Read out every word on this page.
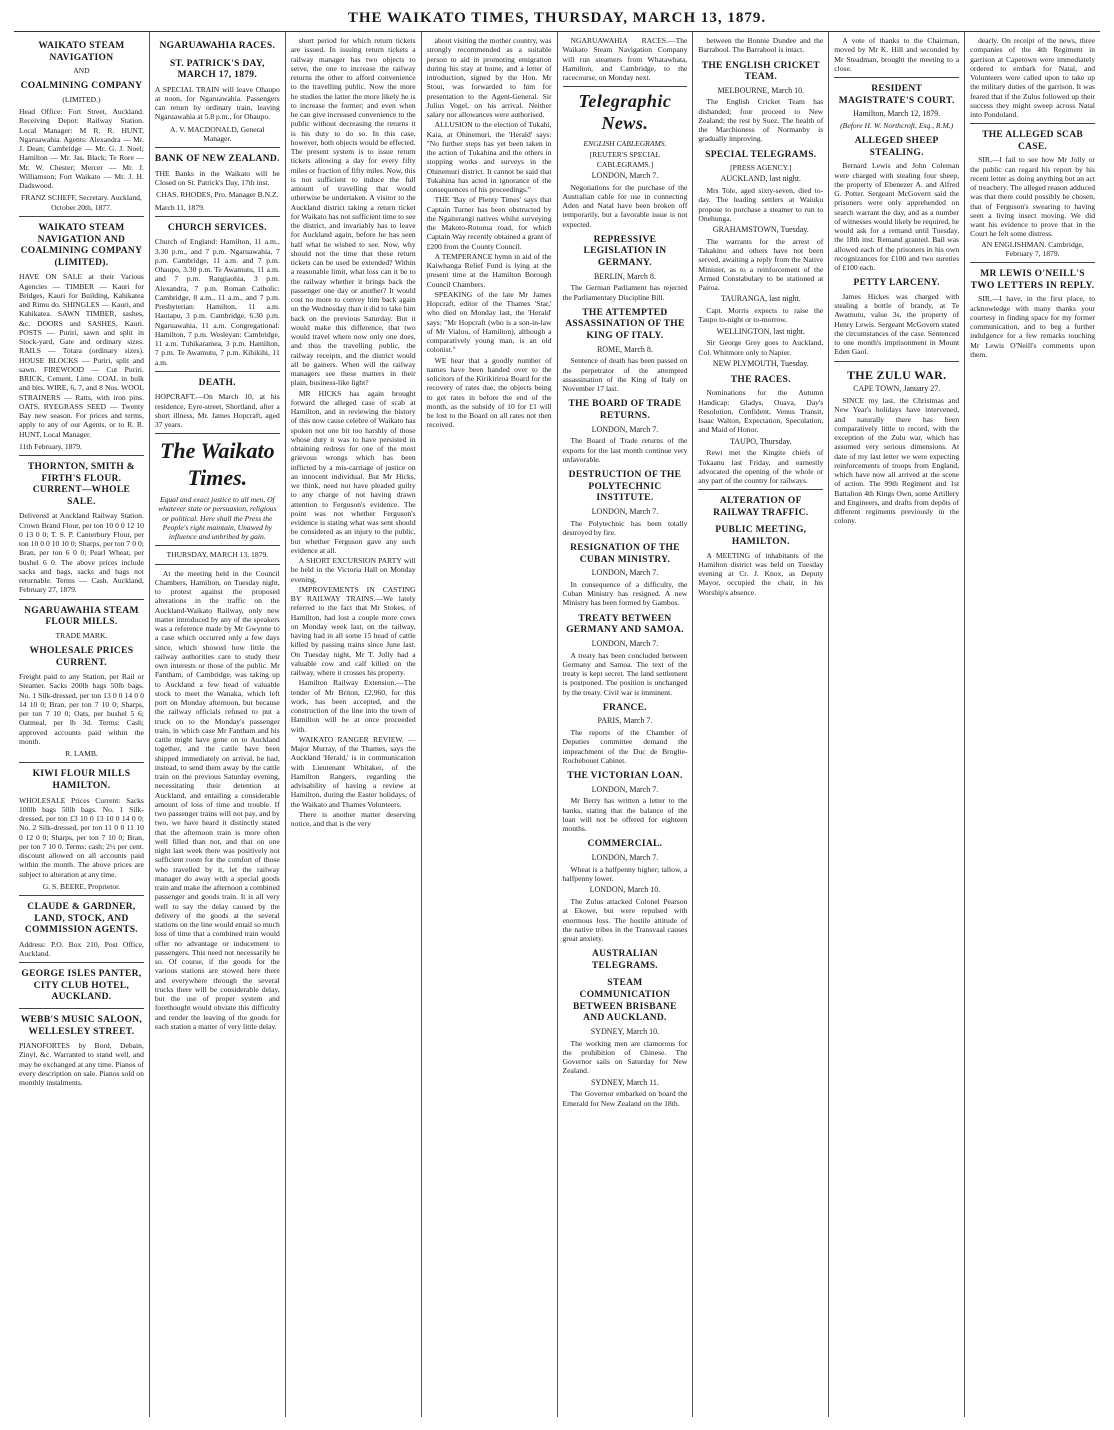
THE WAIKATO TIMES, THURSDAY, MARCH 13, 1879.
WAIKATO STEAM NAVIGATION
AND
COALMINING COMPANY
(LIMITED.)
Head Office: Fort Street, Auckland. Receiving Depot: Railway Station. Local Manager: M R. R. HUNT, Ngaruawahia. Agents: Alexandra — Mr. J. Dean; Cambridge — Mr. G. J. Noel; Hamilton — Mr. Jas. Black; Te Rore — Mr. W. Chester; Mercer — Mr. J. Williamson; Fort Waikato — Mr. J. H. Dadswood.
FRANZ SCHEFF, Secretary. Auckland, October 20th, 1877.
WAIKATO STEAM NAVIGATION AND COALMINING COMPANY (LIMITED).
HAVE ON SALE at their Various Agencies — TIMBER — Kauri for Bridges, Kauri for Building, Kahikatea and Rimu do. SHINGLES — Kauri, and Kahikatea. SAWN TIMBER, sashes, &c. DOORS and SASHES, Kauri. POSTS — Puriri, sawn and split in Stock-yard, Gate and ordinary sizes. RAILS — Totara (ordinary sizes). HOUSE BLOCKS — Puriri, split and sawn. FIREWOOD — Cut Puriri. BRICK, Cement, Lime. COAL in bulk and bits. WIRE, 6, 7, and 8 Nos. WOOL STRAINERS — Ratts, with iron pins. OATS. RYEGRASS SEED — Twenty Bay new season. For prices and terms, apply to any of our Agents, or to R. R. HUNT, Local Manager.
11th February, 1879.
THORNTON, SMITH & FIRTH'S FLOUR. CURRENT—WHOLE SALE.
Delivered at Auckland Railway Station. Crown Brand Flour, per ton 10 0 0 12 10 0 13 0 0; T. S. P. Canterbury Flour, per ton 10 0 0 10 10 0; Sharps, per ton 7 0 0; Bran, per ton 6 0 0; Pearl Wheat, per bushel 6 0. The above prices include sacks and bags, sacks and bags not returnable. Terms — Cash. Auckland, February 27, 1879.
NGARUAWAHIA STEAM FLOUR MILLS.
TRADE MARK.
WHOLESALE PRICES CURRENT.
Freight paid to any Station, per Rail or Steamer. Sacks 200lb bags 50lb bags. No. 1 Silk-dressed, per ton 13 0 0 14 0 0 14 10 0; Bran, per ton 7 10 0; Sharps, per ton 7 10 0; Oats, per bushel 5 6; Oatmeal, per lb 3d. Terms: Cash; approved accounts paid within the month.
R. LAMB.
KIWI FLOUR MILLS HAMILTON.
WHOLESALE Prices Current: Sacks 100lb bags 50lb bags. No. 1 Silk-dressed, per ton £3 10 0 13 10 0 14 0 0; No. 2 Silk-dressed, per ton 11 0 0 11 10 0 12 0 0; Sharps, per ton 7 10 0; Bran, per ton 7 10 0. Terms: cash; 2½ per cent. discount allowed on all accounts paid within the month. The above prices are subject to alteration at any time.
G. S. BEERE, Proprietor.
CLAUDE & GARDNER, LAND, STOCK, AND COMMISSION AGENTS.
Address: P.O. Box 210, Post Office, Auckland.
GEORGE ISLES PANTER, CITY CLUB HOTEL, AUCKLAND.
WEBB'S MUSIC SALOON, WELLESLEY STREET.
PIANOFORTES by Bord, Debain, Zinyl, &c. Warranted to stand well, and may be exchanged at any time. Pianos of every description on sale. Pianos sold on monthly instalments.
NGARUAWAHIA RACES.
ST. PATRICK'S DAY, MARCH 17, 1879.
A SPECIAL TRAIN will leave Ohaupo at noon, for Ngaruawahia. Passengers can return by ordinary train, leaving Ngaruawahia at 5.8 p.m., for Ohaupo.
A. V. MACDONALD, General Manager.
BANK OF NEW ZEALAND.
THE Banks in the Waikato will be Closed on St. Patrick's Day, 17th inst.
CHAS. RHODES, Pro. Manager B.N.Z.
March 11, 1879.
CHURCH SERVICES.
Church of England: Hamilton, 11 a.m., 3.30 p.m., and 7 p.m. Ngaruawahia, 7 p.m. Cambridge, 11 a.m. and 7 p.m. Ohaupo, 3.30 p.m. Te Awamutu, 11 a.m. and 7 p.m. Rangiaohia, 3 p.m. Alexandra, 7 p.m. Roman Catholic: Cambridge, 8 a.m., 11 a.m., and 7 p.m. Presbyterian: Hamilton, 11 a.m. Hautapu, 3 p.m. Cambridge, 6.30 p.m. Ngaruawahia, 11 a.m. Congregational: Hamilton, 7 p.m. Wesleyan: Cambridge, 11 a.m. Tuhikaramea, 3 p.m. Hamilton, 7 p.m. Te Awamutu, 7 p.m. Kihikihi, 11 a.m.
DEATH.
HOPCRAFT.—On March 10, at his residence, Eyre-street, Shortland, after a short illness, Mr. James Hopcraft, aged 37 years.
The Waikato Times.
Equal and exact justice to all men, Of whatever state or persuasion, religious or political. Here shall the Press the People's right maintain, Unawed by influence and unbribed by gain.
THURSDAY, MARCH 13, 1879.

At the meeting held in the Council Chambers, Hamilton, on Tuesday night, to protest against the proposed alterations in the traffic on the Auckland-Waikato Railway, only new matter introduced by any of the speakers was a reference made by Mr Gwynne to a case which occurred only a few days since, which showed how little the railway authorities care to study their own interests or those of the public. Mr Fantham, of Cambridge, was taking up to Auckland a few head of valuable stock to meet the Wanaka, which left port on Monday afternoon, but because the railway officials refused to put a truck on to the Monday's passenger train, in which case Mr Fantham and his cattle might have gone on to Auckland together, and the cattle have been shipped immediately on arrival, he had, instead, to send them away by the cattle train on the previous Saturday evening, necessitating their detention at Auckland, and entailing a considerable amount of loss of time and trouble. If two passenger trains will not pay, and by two, we have heard it distinctly stated that the afternoon train is more often well filled than not, and that on one night last week there was positively not sufficient room for the comfort of those who travelled by it, let the railway manager do away with a special goods train and make the afternoon a combined passenger and goods train. It is all very well to say the delay caused by the delivery of the goods at the several stations on the line would entail so much loss of time that a combined train would offer no advantage or inducement to passengers. This need not necessarily be so. Of course, if the goods for the various stations are stowed here there and everywhere through the several trucks there will be considerable delay, but the use of proper system and forethought would obviate this difficulty and render the leaving of the goods for each station a matter of very little delay.

short period for which return tickets are issued. In issuing return tickets a railway manager has two objects to serve, the one to increase the railway returns the other to afford convenience to the travelling public. Now the more he studies the latter the more likely he is to increase the former; and even when he can give increased convenience to the public without decreasing the returns it is his duty to do so. In this case, however, both objects would be effected. The present system is to issue return tickets allowing a day for every fifty miles or fraction of fifty miles. Now, this is not sufficient to induce the full amount of travelling that would otherwise be undertaken. A visitor to the Auckland district taking a return ticket for Waikato has not sufficient time to see the district, and invariably has to leave for Auckland again, before he has seen half what he wished to see. Now, why should not the time that these return tickets can be used be extended? Within a reasonable limit, what loss can it be to the railway whether it brings back the passenger one day or another? It would cost no more to convey him back again on the Wednesday than it did to take him back on the previous Saturday. But it would make this difference, that two would travel where now only one does, and thus the travelling public, the railway receipts, and the district would all be gainers. When will the railway managers see these matters in their plain, business-like light?

MR HICKS has again brought forward the alleged case of scab at Hamilton, and in reviewing the history of this now cause celebre of Waikato has spoken not one bit too harshly of those whose duty it was to have persisted in obtaining redress for one of the most grievous wrongs which has been inflicted by a mis-carriage of justice on an innocent individual. But Mr Hicks, we think, need not have pleaded guilty to any charge of not having drawn attention to Ferguson's evidence. The point was not whether Ferguson's evidence is stating what was sent should be considered as an injury to the public, but whether Ferguson gave any such evidence at all.

A SHORT EXCURSION PARTY will be held in the Victoria Hall on Monday evening.

IMPROVEMENTS IN CASTING BY RAILWAY TRAINS.—We lately referred to the fact that Mr Stokes, of Hamilton, had lost a couple more cows on Monday week last, on the railway, having had in all some 15 head of cattle killed by passing trains since June last. On Tuesday night, Mr T. Jolly had a valuable cow and calf killed on the railway, where it crosses his property.

Hamilton Railway Extension.—The tender of Mr Briton, £2,960, for this work, has been accepted, and the construction of the line into the town of Hamilton will be at once proceeded with.

WAIKATO RANGER REVIEW. — Major Murray, of the Thames, says the Auckland 'Herald,' is in communication with Lieutenant Whitaker, of the Hamilton Rangers, regarding the advisability of having a review at Hamilton, during the Easter holidays, of the Waikato and Thames Volunteers.

There is another matter deserving notice, and that is the very

about visiting the mother country, was strongly recommended as a suitable person to aid in promoting emigration during his stay at home, and a letter of introduction, signed by the Hon. Mr Stout, was forwarded to him for presentation to the Agent-General. Sir Julius Vogel, on his arrival. Neither salary nor allowances were authorised.

ALLUSION to the election of Tukahi, Kaia, at Ohinemuri, the 'Herald' says: "No further steps has yet been taken in the action of Tukahina and the others in stopping works and surveys in the Ohinemuri district. It cannot be said that Tukahina has acted in ignorance of the consequences of his proceedings."

THE 'Bay of Plenty Times' says that Captain Turner has been obstructed by the Ngaiterangi natives whilst surveying the Makoto-Rotorua road, for which Captain Way recently obtained a grant of £200 from the County Council.

A TEMPERANCE hymn in aid of the Kaiwhanga Relief Fund is lying at the present time at the Hamilton Borough Council Chambers.

SPEAKING of the late Mr James Hopcraft, editor of the Thames 'Star,' who died on Monday last, the 'Herald' says: "Mr Hopcraft (who is a son-in-law of Mr Vialou, of Hamilton), although a comparatively young man, is an old colonist."

WE hear that a goodly number of names have been handed over to the solicitors of the Kirikiriroa Board for the recovery of rates due, the objects being to get rates in before the end of the month, as the subsidy of 10 for £1 will be lost to the Board on all rates not then received.

NGARUAWAHIA RACES.—The Waikato Steam Navigation Company will run steamers from Whatawhata, Hamilton, and Cambridge, to the racecourse, on Monday next.

Telegraphic News.
ENGLISH CABLEGRAMS.
[REUTER'S SPECIAL CABLEGRAMS.]
LONDON, March 7.

Negotiations for the purchase of the Australian cable for use in connecting Aden and Natal have been broken off temporarily, but a favorable issue is not expected.

REPRESSIVE LEGISLATION IN GERMANY.
BERLIN, March 8.

The German Parliament has rejected the Parliamentary Discipline Bill.

THE ATTEMPTED ASSASSINATION OF THE KING OF ITALY.
ROME, March 8.

Sentence of death has been passed on the perpetrator of the attempted assassination of the King of Italy on November 17 last.

THE BOARD OF TRADE RETURNS.
LONDON, March 7.

The Board of Trade returns of the exports for the last month continue very unfavorable.

DESTRUCTION OF THE POLYTECHNIC INSTITUTE.
LONDON, March 7.

The Polytechnic has been totally destroyed by fire.

RESIGNATION OF THE CUBAN MINISTRY.
LONDON, March 7.

In consequence of a difficulty, the Cuban Ministry has resigned. A new Ministry has been formed by Gambos.

TREATY BETWEEN GERMANY AND SAMOA.
LONDON, March 7.

A treaty has been concluded between Germany and Samoa. The text of the treaty is kept secret. The land settlement is postponed. The position is unchanged by the treaty. Civil war is imminent.

FRANCE.
PARIS, March 7.

The reports of the Chamber of Deputies committee demand the impeachment of the Duc de Broglie-Rochebouet Cabinet.

THE VICTORIAN LOAN.
LONDON, March 7.

Mr Berry has written a letter to the banks, stating that the balance of the loan will not be offered for eighteen months.

COMMERCIAL.
LONDON, March 7.

Wheat is a halfpenny higher; tallow, a halfpenny lower.

LONDON, March 10.

The Zulus attacked Colonel Pearson at Ekowe, but were repulsed with enormous loss. The hostile attitude of the native tribes in the Transvaal causes great anxiety.

AUSTRALIAN TELEGRAMS.
STEAM COMMUNICATION BETWEEN BRISBANE AND AUCKLAND.
SYDNEY, March 10.

The working men are clamorous for the prohibition of Chinese. The Governor sails on Saturday for New Zealand.

SYDNEY, March 11.

The Governor embarked on board the Emerald for New Zealand on the 18th.

between the Bonnie Dundee and the Barrabool. The Barrabool is intact.

THE ENGLISH CRICKET TEAM.
MELBOURNE, March 10.

The English Cricket Team has disbanded; four proceed to New Zealand; the rest by Suez. The health of the Marchioness of Normanby is gradually improving.

SPECIAL TELEGRAMS.
[PRESS AGENCY.]
AUCKLAND, last night.

Mrs Tole, aged sixty-seven, died to-day. The leading settlers at Waiuku propose to purchase a steamer to run to Onehunga.

GRAHAMSTOWN, Tuesday.

The warrants for the arrest of Takakino and others have not been served, awaiting a reply from the Native Minister, as to a reinforcement of the Armed Constabulary to be stationed at Pairoa.

TAURANGA, last night.

Capt. Morris expects to raise the Taupo to-night or to-morrow.

WELLINGTON, last night.

Sir George Grey goes to Auckland, Col. Whitmore only to Napier.

NEW PLYMOUTH, Tuesday.
THE RACES.

Nominations for the Autumn Handicap: Gladys, Ouava, Day's Resolution, Confident, Venus Transit, Isaac Walton, Expectation, Speculation, and Maid of Honor.

TAUPO, Thursday.

Rewi met the Kingite chiefs of Tokaanu last Friday, and earnestly advocated the opening of the whole or any part of the country for railways.

ALTERATION OF RAILWAY TRAFFIC.
PUBLIC MEETING, HAMILTON.

A MEETING of inhabitants of the Hamilton district was held on Tuesday evening at Cr. J. Knox, as Deputy Mayor, occupied the chair, in his Worship's absence.

A vote of thanks to the Chairman, moved by Mr K. Hill and seconded by Mr Steadman, brought the meeting to a close.

RESIDENT MAGISTRATE'S COURT.
Hamilton, March 12, 1879.
(Before H. W. Northcroft, Esq., R.M.)
ALLEGED SHEEP STEALING.

Bernard Lewis and John Coleman were charged with stealing four sheep, the property of Ebenezer A. and Alfred G. Potter. Sergeant McGovern said the prisoners were only apprehended on search warrant the day, and as a number of witnesses would likely be required, he would ask for a remand until Tuesday, the 18th inst. Remand granted. Bail was allowed each of the prisoners in his own recognizances for £100 and two sureties of £100 each.

PETTY LARCENY.

James Hickes was charged with stealing a bottle of brandy, at Te Awamutu, value 3s, the property of Henry Lewis. Sergeant McGovern stated the circumstances of the case. Sentenced to one month's imprisonment in Mount Eden Gaol.

THE ZULU WAR.
CAPE TOWN, January 27.

SINCE my last, the Christmas and New Year's holidays have intervened, and naturally there has been comparatively little to record, with the exception of the Zulu war, which has assumed very serious dimensions. At date of my last letter we were expecting reinforcements of troops from England, which have now all arrived at the scene of action. The 99th Regiment and 1st Battalion 4th Kings Own, some Artillery and Engineers, and drafts from depôts of different regiments previously in the colony.

dearly. On receipt of the news, three companies of the 4th Regiment in garrison at Capetown were immediately ordered to embark for Natal, and Volunteers were called upon to take up the military duties of the garrison. It was feared that if the Zulus followed up their success they might sweep across Natal into Pondoland.

THE ALLEGED SCAB CASE.

SIR,—I fail to see how Mr Jolly or the public can regard his report by his recent letter as doing anything but an act of treachery. The alleged reason adduced was that there could possibly be chosen, that of Ferguson's swearing to having seen a living insect moving. We did want his evidence to prove that in the Court he felt some distress.

AN ENGLISHMAN. Cambridge, February 7, 1879.
MR LEWIS O'NEILL'S TWO LETTERS IN REPLY.

SIR,—I have, in the first place, to acknowledge with many thanks your courtesy in finding space for my former communication, and to beg a further indulgence for a few remarks touching Mr Lewis O'Neill's comments upon them.
